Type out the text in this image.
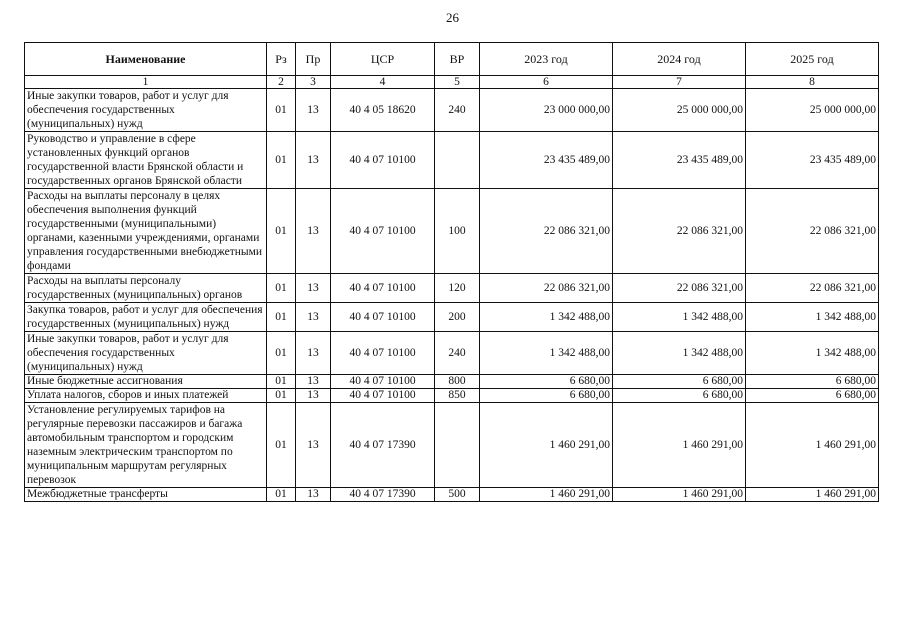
26
Наименование	Рз	Пр	ЦСР	ВР	2023 год	2024 год	2025 год
1	2	3	4	5	6	7	8
Иные закупки товаров, работ и услуг для обеспечения государственных (муниципальных) нужд	01	13	40 4 05 18620	240	23 000 000,00	25 000 000,00	25 000 000,00
Руководство и управление в сфере установленных функций органов государственной власти Брянской области и государственных органов Брянской области	01	13	40 4 07 10100		23 435 489,00	23 435 489,00	23 435 489,00
Расходы на выплаты персоналу в целях обеспечения выполнения функций государственными (муниципальными) органами, казенными учреждениями, органами управления государственными внебюджетными фондами	01	13	40 4 07 10100	100	22 086 321,00	22 086 321,00	22 086 321,00
Расходы на выплаты персоналу государственных (муниципальных) органов	01	13	40 4 07 10100	120	22 086 321,00	22 086 321,00	22 086 321,00
Закупка товаров, работ и услуг для обеспечения государственных (муниципальных) нужд	01	13	40 4 07 10100	200	1 342 488,00	1 342 488,00	1 342 488,00
Иные закупки товаров, работ и услуг для обеспечения государственных (муниципальных) нужд	01	13	40 4 07 10100	240	1 342 488,00	1 342 488,00	1 342 488,00
Иные бюджетные ассигнования	01	13	40 4 07 10100	800	6 680,00	6 680,00	6 680,00
Уплата налогов, сборов и иных платежей	01	13	40 4 07 10100	850	6 680,00	6 680,00	6 680,00
Установление регулируемых тарифов на регулярные перевозки пассажиров и багажа автомобильным транспортом и городским наземным электрическим транспортом по муниципальным маршрутам регулярных перевозок	01	13	40 4 07 17390		1 460 291,00	1 460 291,00	1 460 291,00
Межбюджетные трансферты	01	13	40 4 07 17390	500	1 460 291,00	1 460 291,00	1 460 291,00
